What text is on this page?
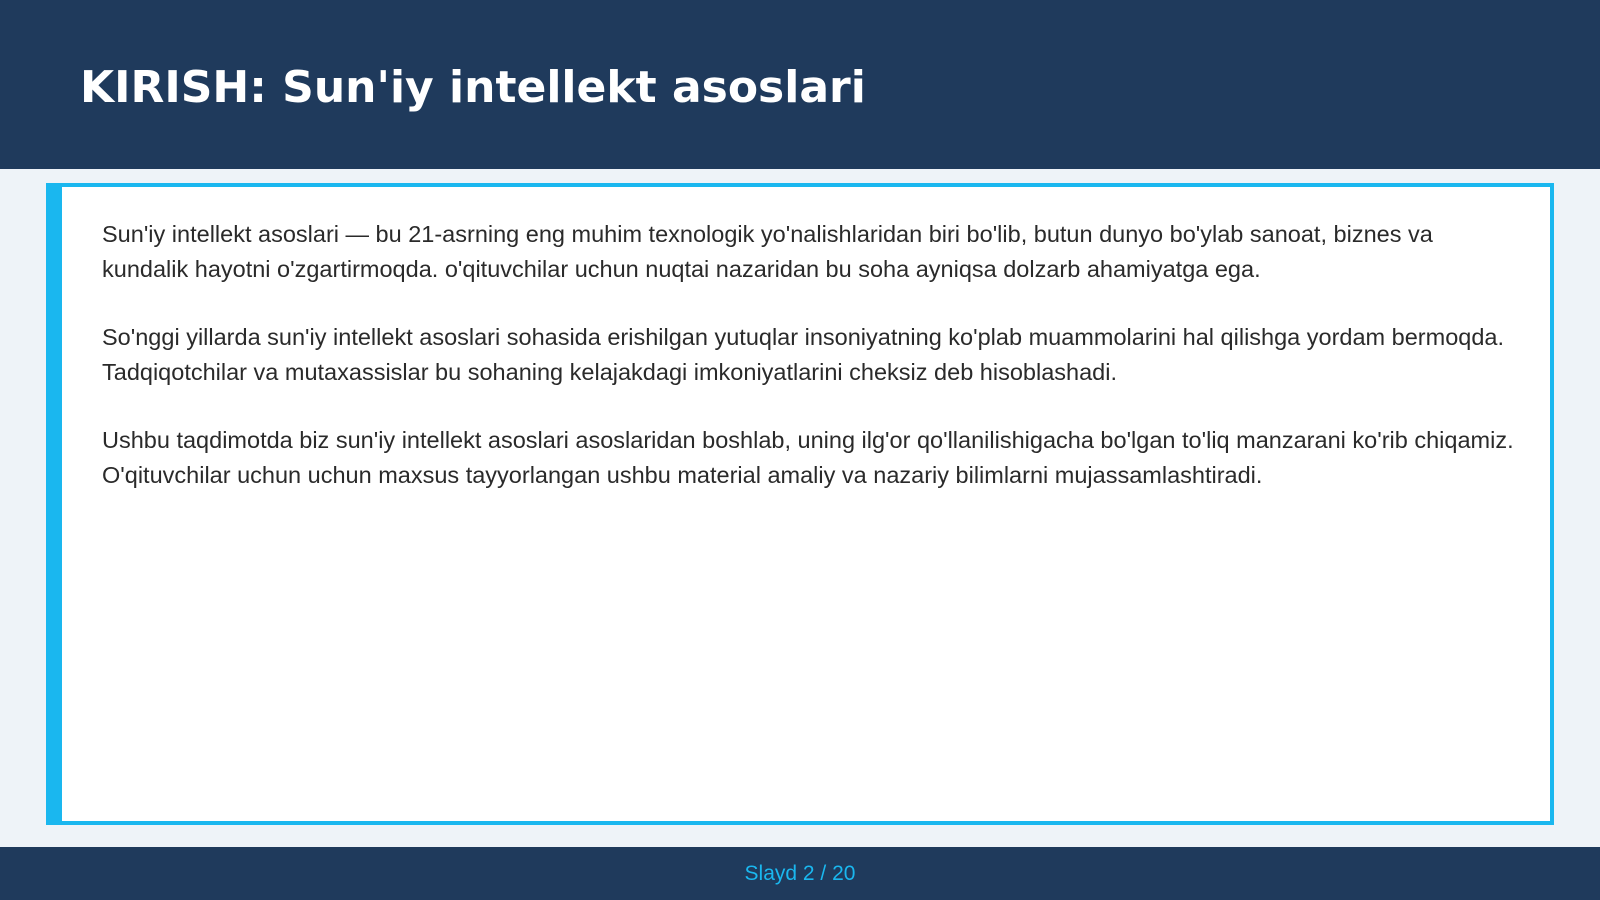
KIRISH: Sun'iy intellekt asoslari

Sun'iy intellekt asoslari — bu 21-asrning eng muhim texnologik yo'nalishlaridan biri bo'lib, butun dunyo bo'ylab sanoat, biznes va kundalik hayotni o'zgartirmoqda. o'qituvchilar uchun nuqtai nazaridan bu soha ayniqsa dolzarb ahamiyatga ega.

So'nggi yillarda sun'iy intellekt asoslari sohasida erishilgan yutuqlar insoniyatning ko'plab muammolarini hal qilishga yordam bermoqda. Tadqiqotchilar va mutaxassislar bu sohaning kelajakdagi imkoniyatlarini cheksiz deb hisoblashadi.

Ushbu taqdimotda biz sun'iy intellekt asoslari asoslaridan boshlab, uning ilg'or qo'llanilishigacha bo'lgan to'liq manzarani ko'rib chiqamiz. O'qituvchilar uchun uchun maxsus tayyorlangan ushbu material amaliy va nazariy bilimlarni mujassamlashtiradi.

Slayd 2 / 20
